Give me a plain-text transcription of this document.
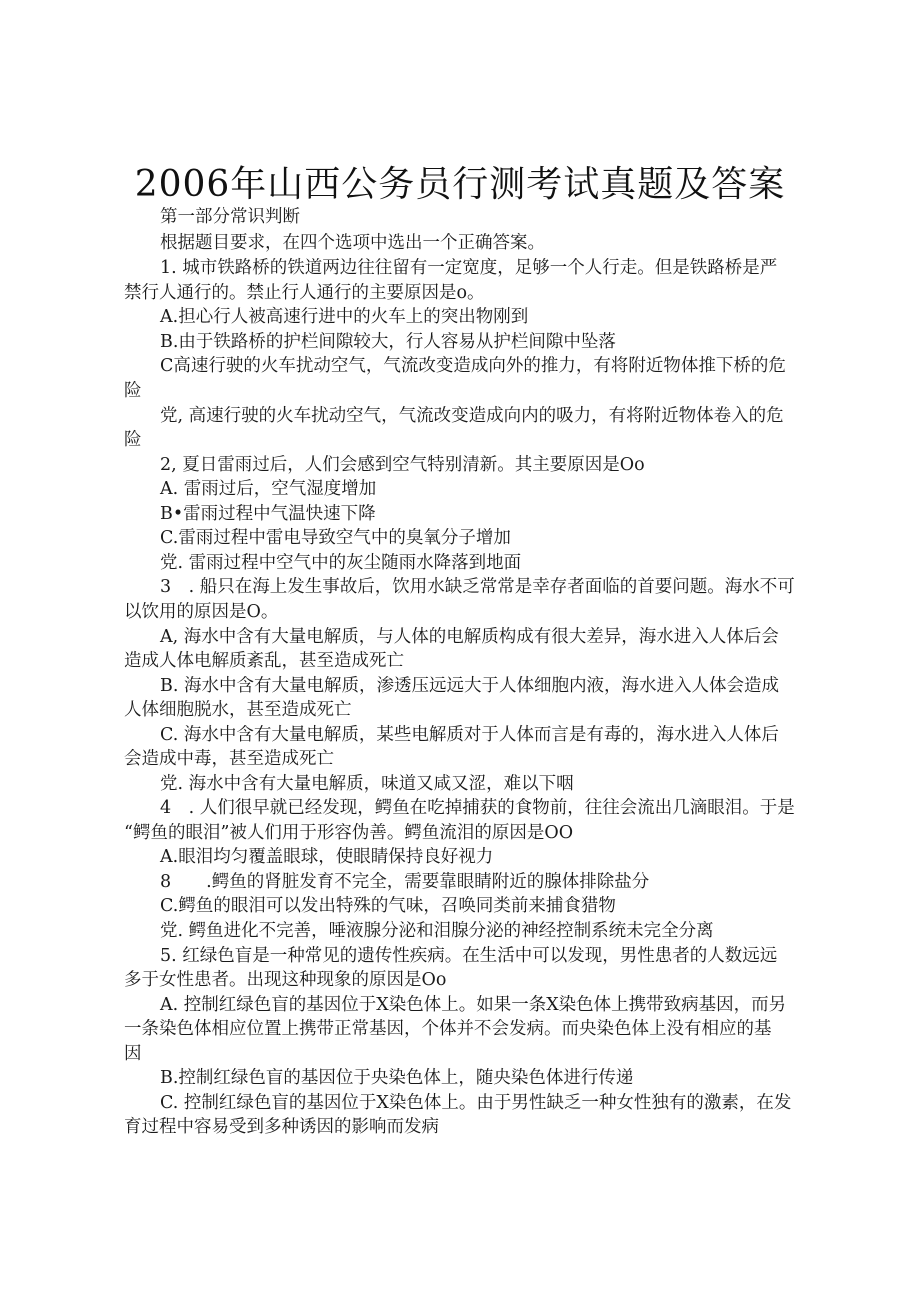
2006年山西公务员行测考试真题及答案
第一部分常识判断
根据题目要求，在四个选项中选出一个正确答案。
1. 城市铁路桥的铁道两边往往留有一定宽度，足够一个人行走。但是铁路桥是严
禁行人通行的。禁止行人通行的主要原因是o。
A.担心行人被高速行进中的火车上的突出物刚到
B.由于铁路桥的护栏间隙较大，行人容易从护栏间隙中坠落
C高速行驶的火车扰动空气，气流改变造成向外的推力，有将附近物体推下桥的危
险
党, 高速行驶的火车扰动空气，气流改变造成向内的吸力，有将附近物体卷入的危
险
2, 夏日雷雨过后，人们会感到空气特别清新。其主要原因是Oo
A. 雷雨过后，空气湿度增加
B•雷雨过程中气温快速下降
C.雷雨过程中雷电导致空气中的臭氧分子增加
党. 雷雨过程中空气中的灰尘随雨水降落到地面
3　. 船只在海上发生事故后，饮用水缺乏常常是幸存者面临的首要问题。海水不可
以饮用的原因是O。
A, 海水中含有大量电解质，与人体的电解质构成有很大差异，海水进入人体后会
造成人体电解质紊乱，甚至造成死亡
B. 海水中含有大量电解质，渗透压远远大于人体细胞内液，海水进入人体会造成
人体细胞脱水，甚至造成死亡
C. 海水中含有大量电解质，某些电解质对于人体而言是有毒的，海水进入人体后
会造成中毒，甚至造成死亡
党. 海水中含有大量电解质，味道又咸又涩，难以下咽
4　. 人们很早就已经发现，鳄鱼在吃掉捕获的食物前，往往会流出几滴眼泪。于是
“鳄鱼的眼泪”被人们用于形容伪善。鳄鱼流泪的原因是OO
A.眼泪均匀覆盖眼球，使眼睛保持良好视力
8　　.鳄鱼的肾脏发育不完全，需要靠眼睛附近的腺体排除盐分
C.鳄鱼的眼泪可以发出特殊的气味，召唤同类前来捕食猎物
党. 鳄鱼进化不完善，唾液腺分泌和泪腺分泌的神经控制系统未完全分离
5. 红绿色盲是一种常见的遗传性疾病。在生活中可以发现，男性患者的人数远远
多于女性患者。出现这种现象的原因是Oo
A. 控制红绿色盲的基因位于X染色体上。如果一条X染色体上携带致病基因，而另
一条染色体相应位置上携带正常基因，个体并不会发病。而央染色体上没有相应的基
因
B.控制红绿色盲的基因位于央染色体上，随央染色体进行传递
C. 控制红绿色盲的基因位于X染色体上。由于男性缺乏一种女性独有的激素，在发
育过程中容易受到多种诱因的影响而发病
